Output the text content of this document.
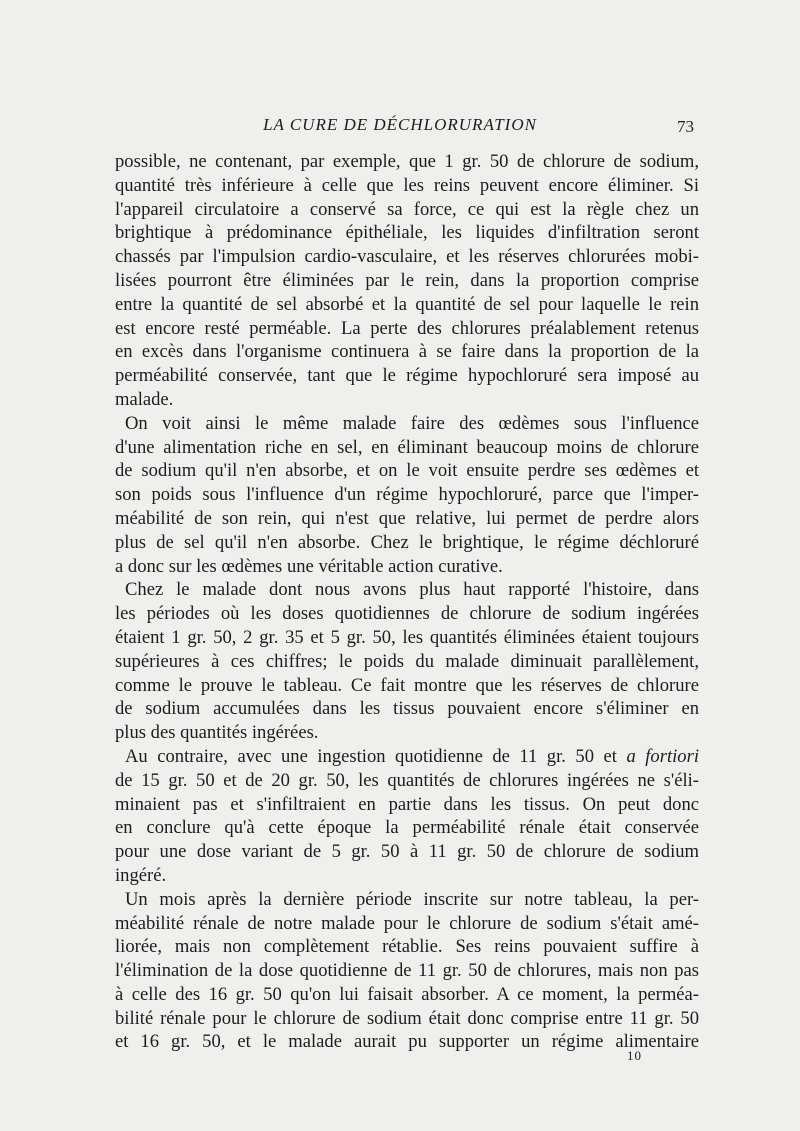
LA CURE DE DÉCHLORURATION	73
possible, ne contenant, par exemple, que 1 gr. 50 de chlorure de sodium,
quantité très inférieure à celle que les reins peuvent encore éliminer. Si
l'appareil circulatoire a conservé sa force, ce qui est la règle chez un
brightique à prédominance épithéliale, les liquides d'infiltration seront
chassés par l'impulsion cardio-vasculaire, et les réserves chlorurées mobi-
lisées pourront être éliminées par le rein, dans la proportion comprise
entre la quantité de sel absorbé et la quantité de sel pour laquelle le rein
est encore resté perméable. La perte des chlorures préalablement retenus
en excès dans l'organisme continuera à se faire dans la proportion de la
perméabilité conservée, tant que le régime hypochloruré sera imposé au
malade.
On voit ainsi le même malade faire des œdèmes sous l'influence
d'une alimentation riche en sel, en éliminant beaucoup moins de chlorure
de sodium qu'il n'en absorbe, et on le voit ensuite perdre ses œdèmes et
son poids sous l'influence d'un régime hypochloruré, parce que l'imper-
méabilité de son rein, qui n'est que relative, lui permet de perdre alors
plus de sel qu'il n'en absorbe. Chez le brightique, le régime déchloruré
a donc sur les œdèmes une véritable action curative.
Chez le malade dont nous avons plus haut rapporté l'histoire, dans
les périodes où les doses quotidiennes de chlorure de sodium ingérées
étaient 1 gr. 50, 2 gr. 35 et 5 gr. 50, les quantités éliminées étaient toujours
supérieures à ces chiffres; le poids du malade diminuait parallèlement,
comme le prouve le tableau. Ce fait montre que les réserves de chlorure
de sodium accumulées dans les tissus pouvaient encore s'éliminer en
plus des quantités ingérées.
Au contraire, avec une ingestion quotidienne de 11 gr. 50 et a fortiori
de 15 gr. 50 et de 20 gr. 50, les quantités de chlorures ingérées ne s'éli-
minaient pas et s'infiltraient en partie dans les tissus. On peut donc
en conclure qu'à cette époque la perméabilité rénale était conservée
pour une dose variant de 5 gr. 50 à 11 gr. 50 de chlorure de sodium
ingéré.
Un mois après la dernière période inscrite sur notre tableau, la per-
méabilité rénale de notre malade pour le chlorure de sodium s'était amé-
liorée, mais non complètement rétablie. Ses reins pouvaient suffire à
l'élimination de la dose quotidienne de 11 gr. 50 de chlorures, mais non pas
à celle des 16 gr. 50 qu'on lui faisait absorber. A ce moment, la perméa-
bilité rénale pour le chlorure de sodium était donc comprise entre 11 gr. 50
et 16 gr. 50, et le malade aurait pu supporter un régime alimentaire
10
